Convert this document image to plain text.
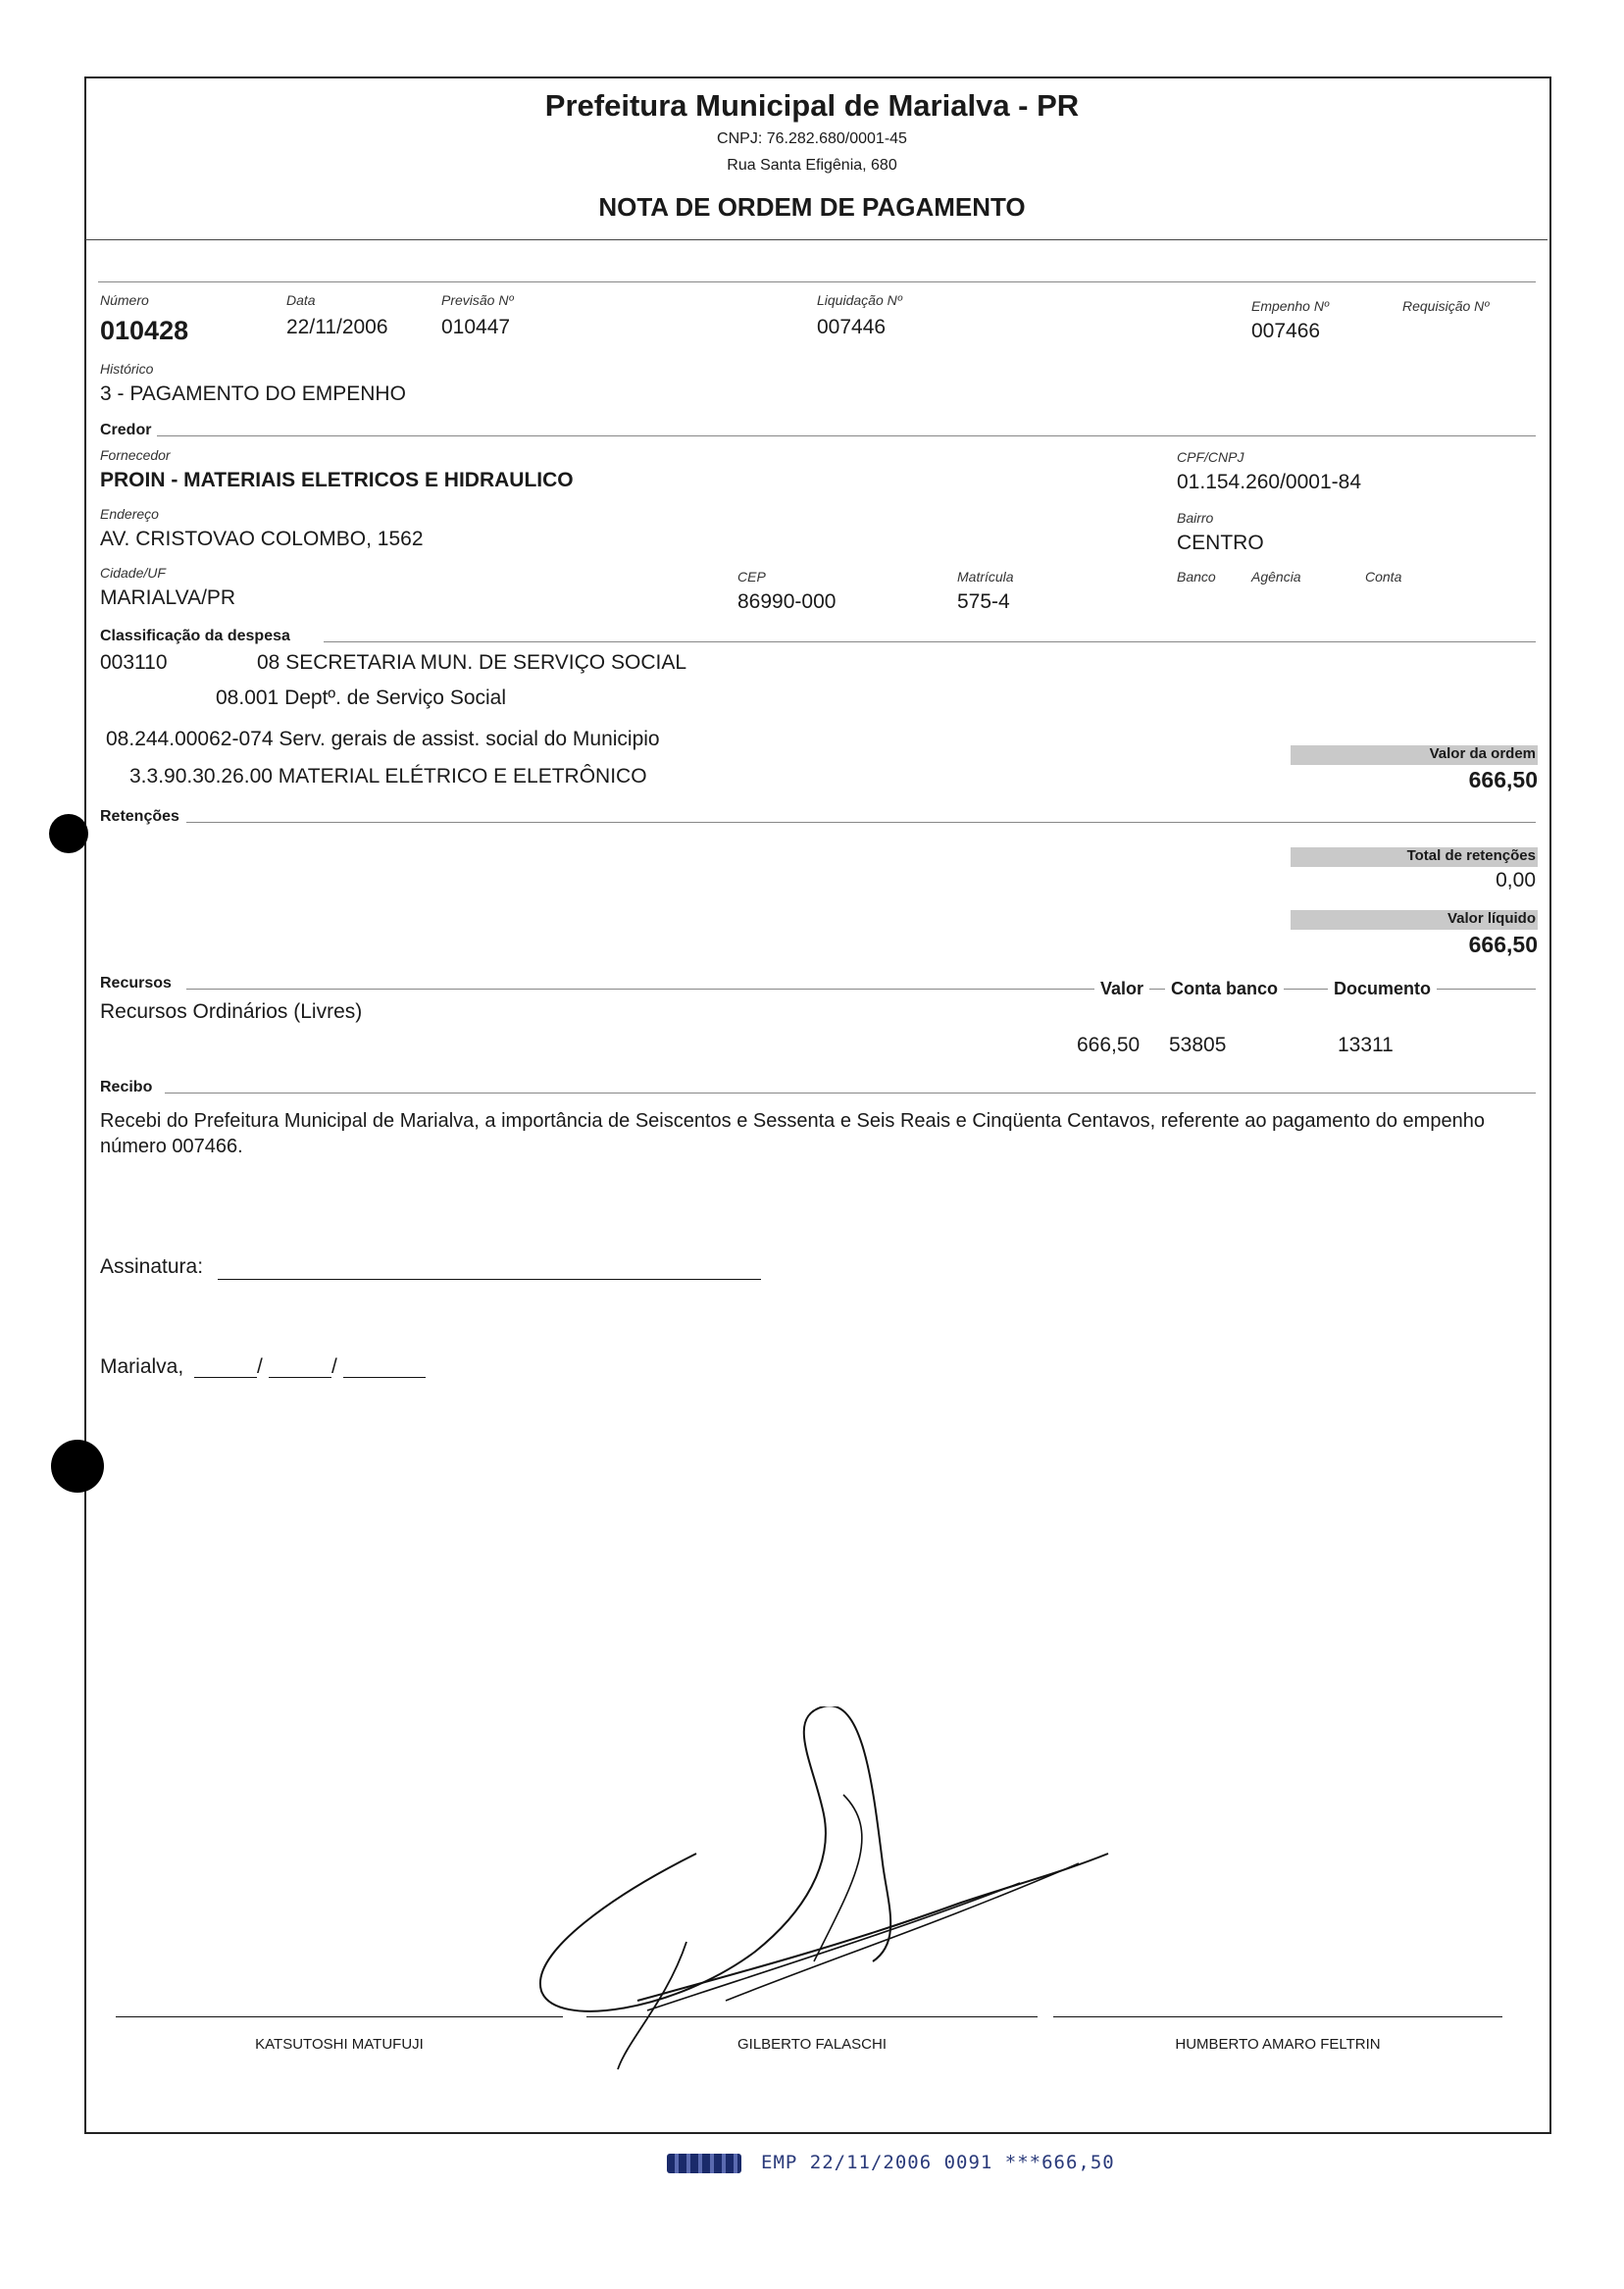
Prefeitura Municipal de Marialva - PR
CNPJ: 76.282.680/0001-45
Rua Santa Efigênia, 680
NOTA DE ORDEM DE PAGAMENTO
Número
010428
Data
22/11/2006
Previsão Nº
010447
Liquidação Nº
007446
Empenho Nº
007466
Requisição Nº
Histórico
3 - PAGAMENTO DO EMPENHO
Credor
Fornecedor
PROIN - MATERIAIS ELETRICOS E HIDRAULICO
CPF/CNPJ
01.154.260/0001-84
Endereço
AV. CRISTOVAO COLOMBO, 1562
Bairro
CENTRO
Cidade/UF
MARIALVA/PR
CEP
86990-000
Matrícula
575-4
Banco	Agência	Conta
Classificação da despesa
003110	08 SECRETARIA MUN. DE SERVIÇO SOCIAL
08.001 Deptº. de Serviço Social
08.244.00062-074 Serv. gerais de assist. social do Municipio
3.3.90.30.26.00 MATERIAL ELÉTRICO E ELETRÔNICO
Valor da ordem
666,50
Retenções
Total de retenções
0,00
Valor líquido
666,50
Recursos	Valor	Conta banco	Documento
Recursos Ordinários (Livres)
666,50 53805	13311
Recibo
Recebi do Prefeitura Municipal de Marialva, a importância de Seiscentos e Sessenta e Seis Reais e Cinqüenta Centavos, referente ao pagamento do empenho número 007466.
Assinatura:
Marialva,	/	/
KATSUTOSHI MATUFUJI	GILBERTO FALASCHI	HUMBERTO AMARO FELTRIN
EMP 22/11/2006 0091 ***666,50
